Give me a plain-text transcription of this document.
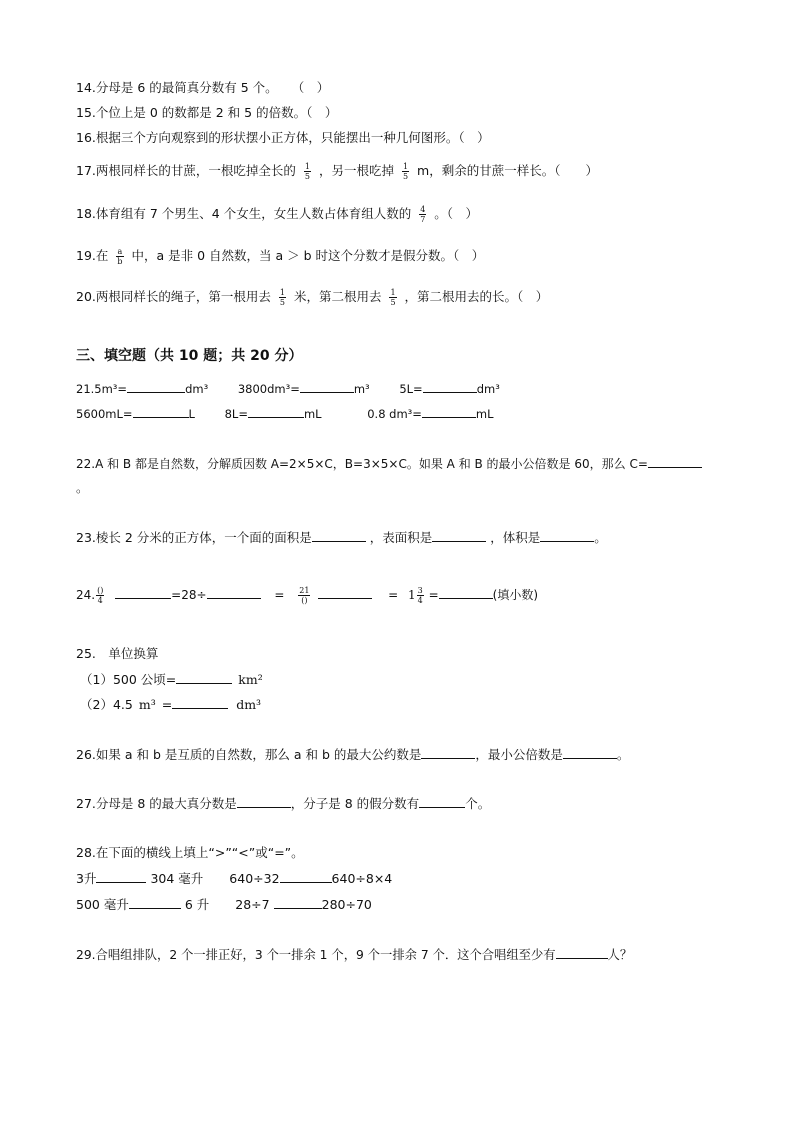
14.分母是 6 的最简真分数有 5 个。 （　）
15.个位上是 0 的数都是 2 和 5 的倍数。（　）
16.根据三个方向观察到的形状摆小正方体，只能摆出一种几何图形。（　）
17.两根同样长的甘蔗，一根吃掉全长的 $\frac{1}{5}$ ，另一根吃掉 $\frac{1}{5}$ m，剩余的甘蔗一样长。（　　）
18.体育组有 7 个男生、4 个女生，女生人数占体育组人数的 $\frac{4}{7}$ 。（　）
19.在 $\frac{a}{b}$ 中，a 是非 0 自然数，当 a ＞ b 时这个分数才是假分数。（　）
20.两根同样长的绳子，第一根用去 $\frac{1}{5}$ 米，第二根用去 $\frac{1}{5}$ ，第二根用去的长。（　）
三、填空题（共 10 题；共 20 分）
21.5m³=	dm³	3800dm³=	m³	5L=	dm³
5600mL=	L	8L=	mL	0.8 dm³=	mL
22.A 和 B 都是自然数，分解质因数 A=2×5×C，B=3×5×C。如果 A 和 B 的最小公倍数是 60，那么 C=
。
23.棱长 2 分米的正方体，一个面的面积是	，表面积是	，体积是	。
24. $\frac{()}{4}$	=28÷	= $\frac{21}{()}$	= $1 \frac{3}{4}$ =	(填小数)
25.　单位换算
（1）500 公顷=	km²
（2）4.5 m³ =	dm³
26.如果 a 和 b 是互质的自然数，那么 a 和 b 的最大公约数是	，最小公倍数是	。
27.分母是 8 的最大真分数是	，分子是 8 的假分数有	个。
28.在下面的横线上填上“>”“<”或“=”。
3升	304 毫升 640÷32	640÷8×4
500 毫升	6 升 28÷7	280÷70
29.合唱组排队，2 个一排正好，3 个一排余 1 个，9 个一排余 7 个．这个合唱组至少有	人？
